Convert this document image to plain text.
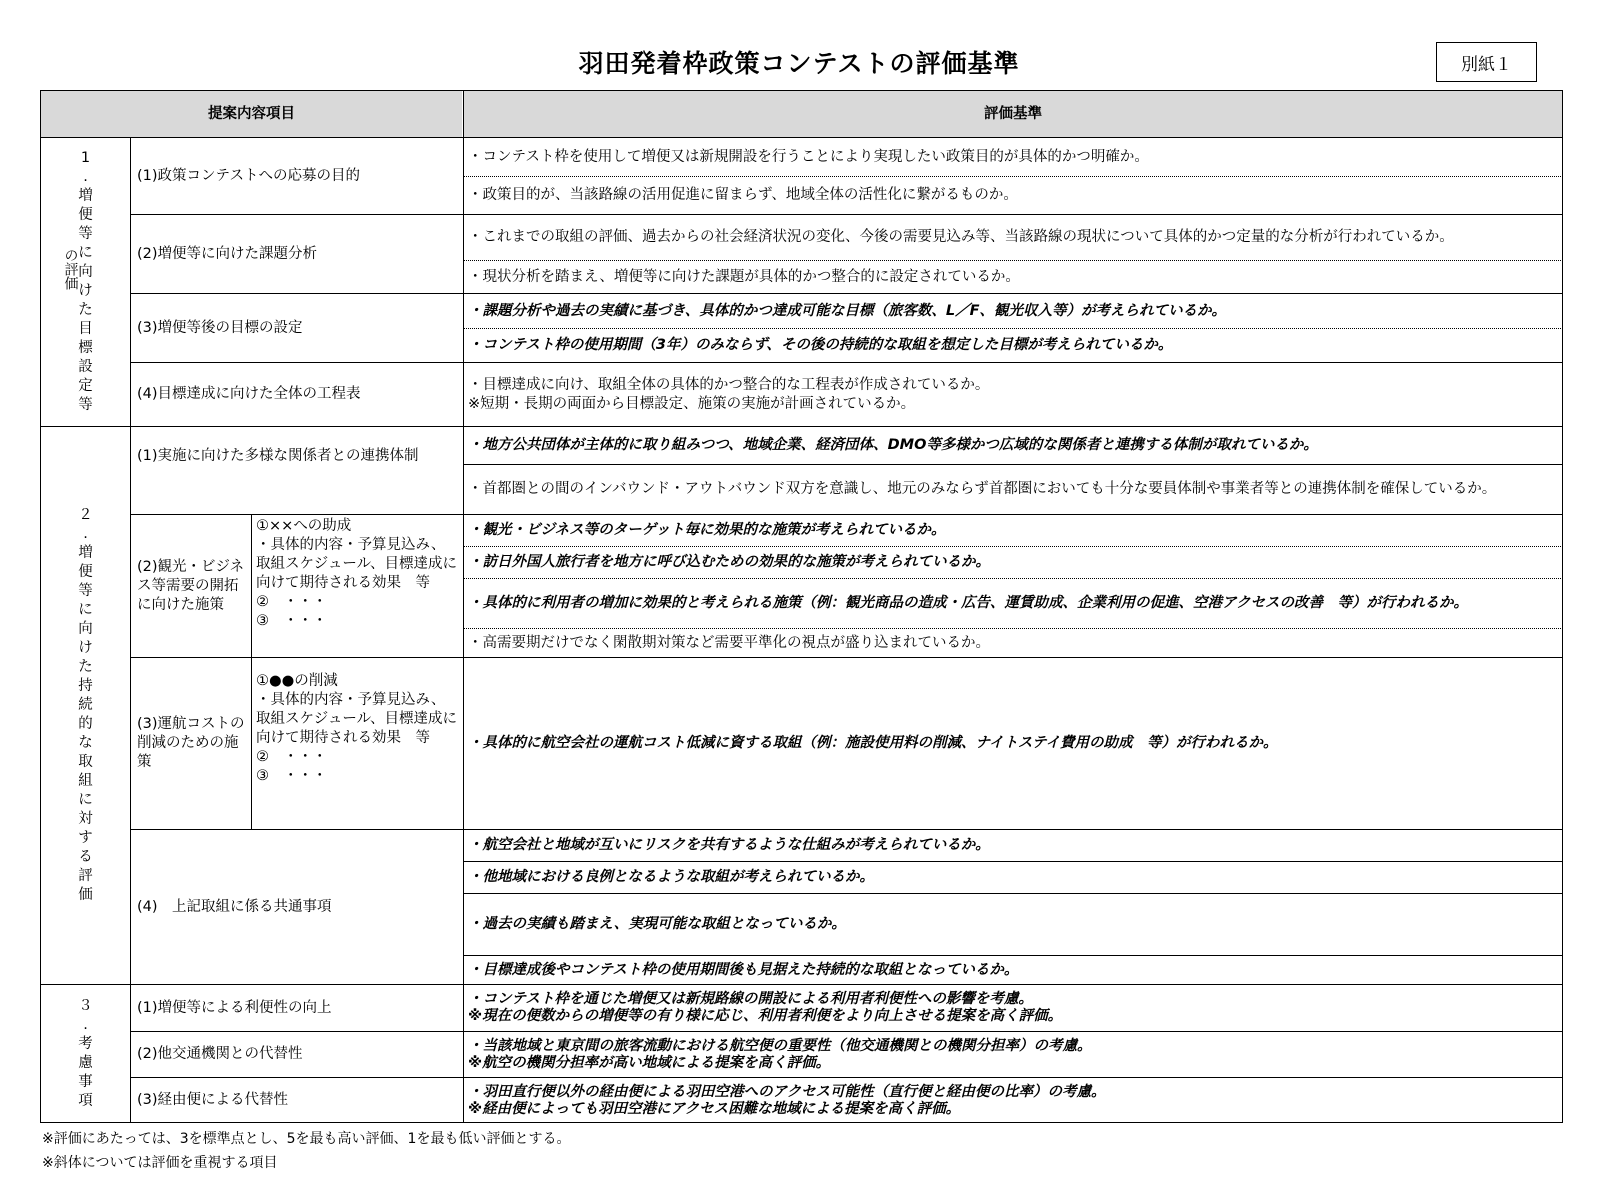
羽田発着枠政策コンテストの評価基準	別紙１
提案内容項目	評価基準
1
.
増
便
等
に
向
け
た
目
標
設
定
等
の評価
(1)政策コンテストへの応募の目的
・コンテスト枠を使用して増便又は新規開設を行うことにより実現したい政策目的が具体的かつ明確か。
・政策目的が、当該路線の活用促進に留まらず、地域全体の活性化に繋がるものか。
(2)増便等に向けた課題分析
・これまでの取組の評価、過去からの社会経済状況の変化、今後の需要見込み等、当該路線の現状について具体的かつ定量的な分析が行われているか。
・現状分析を踏まえ、増便等に向けた課題が具体的かつ整合的に設定されているか。
(3)増便等後の目標の設定
・課題分析や過去の実績に基づき、具体的かつ達成可能な目標（旅客数、L／F、観光収入等）が考えられているか。
・コンテスト枠の使用期間（3年）のみならず、その後の持続的な取組を想定した目標が考えられているか。
(4)目標達成に向けた全体の工程表
・目標達成に向け、取組全体の具体的かつ整合的な工程表が作成されているか。
※短期・長期の両面から目標設定、施策の実施が計画されているか。
２
.
増
便
等
に
向
け
た
持
続
的
な
取
組
に
対
す
る
評
価
(1)実施に向けた多様な関係者との連携体制
・地方公共団体が主体的に取り組みつつ、地域企業、経済団体、DMO等多様かつ広域的な関係者と連携する体制が取れているか。
・首都圏との間のインバウンド・アウトバウンド双方を意識し、地元のみならず首都圏においても十分な要員体制や事業者等との連携体制を確保しているか。
(2)観光・ビジネス等需要の開拓に向けた施策
①××への助成
・具体的内容・予算見込み、取組スケジュール、目標達成に向けて期待される効果　等
②　・・・
③　・・・
・観光・ビジネス等のターゲット毎に効果的な施策が考えられているか。
・訪日外国人旅行者を地方に呼び込むための効果的な施策が考えられているか。
・具体的に利用者の増加に効果的と考えられる施策（例：観光商品の造成・広告、運賃助成、企業利用の促進、空港アクセスの改善　等）が行われるか。
・高需要期だけでなく閑散期対策など需要平準化の視点が盛り込まれているか。
(3)運航コストの削減のための施策
①●●の削減
・具体的内容・予算見込み、取組スケジュール、目標達成に向けて期待される効果　等
②　・・・
③　・・・
・具体的に航空会社の運航コスト低減に資する取組（例：施設使用料の削減、ナイトステイ費用の助成　等）が行われるか。
(4)　上記取組に係る共通事項
・航空会社と地域が互いにリスクを共有するような仕組みが考えられているか。
・他地域における良例となるような取組が考えられているか。
・過去の実績も踏まえ、実現可能な取組となっているか。
・目標達成後やコンテスト枠の使用期間後も見据えた持続的な取組となっているか。
３
.
考
慮
事
項
(1)増便等による利便性の向上
・コンテスト枠を通じた増便又は新規路線の開設による利用者利便性への影響を考慮。
※現在の便数からの増便等の有り様に応じ、利用者利便をより向上させる提案を高く評価。
(2)他交通機関との代替性
・当該地域と東京間の旅客流動における航空便の重要性（他交通機関との機関分担率）の考慮。
※航空の機関分担率が高い地域による提案を高く評価。
(3)経由便による代替性
・羽田直行便以外の経由便による羽田空港へのアクセス可能性（直行便と経由便の比率）の考慮。
※経由便によっても羽田空港にアクセス困難な地域による提案を高く評価。
※評価にあたっては、3を標準点とし、5を最も高い評価、1を最も低い評価とする。
※斜体については評価を重視する項目
